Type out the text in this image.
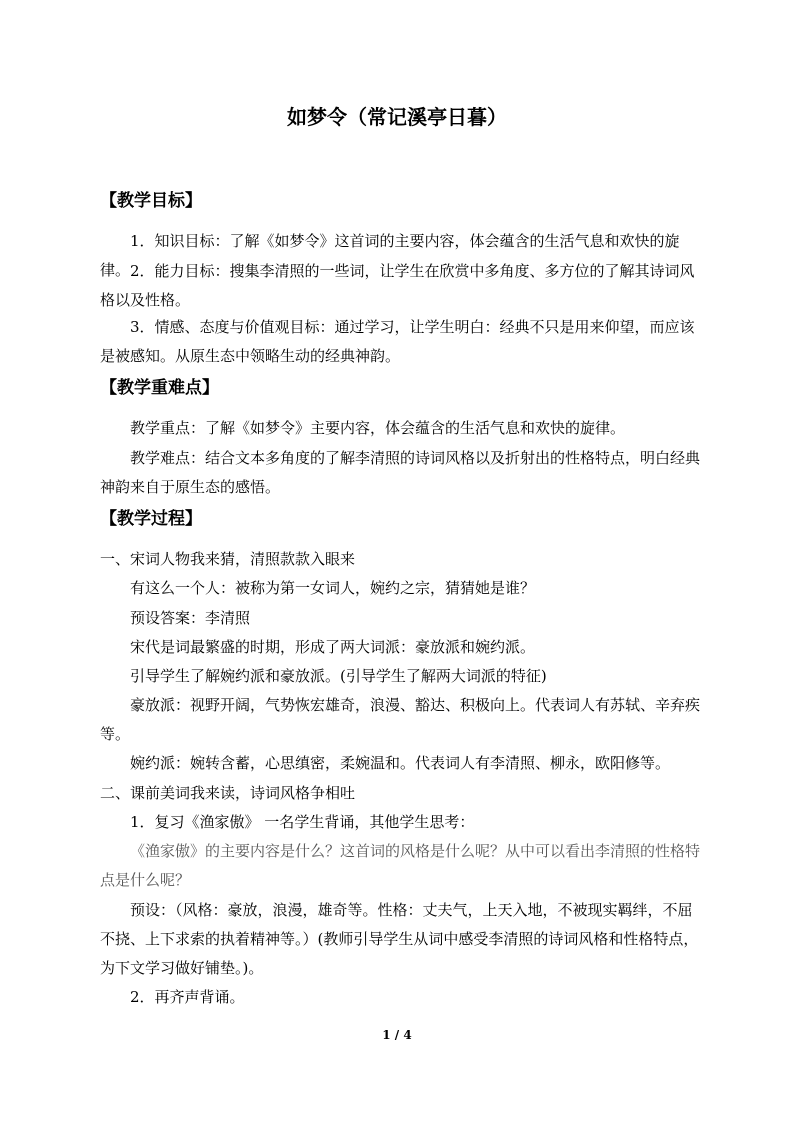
如梦令（常记溪亭日暮）
【教学目标】
1．知识目标：了解《如梦令》这首词的主要内容，体会蕴含的生活气息和欢快的旋律。 2．能力目标：搜集李清照的一些词，让学生在欣赏中多角度、多方位的了解其诗词风格以及性格。
3．情感、态度与价值观目标：通过学习，让学生明白：经典不只是用来仰望，而应该是被感知。从原生态中领略生动的经典神韵。
【教学重难点】
教学重点：了解《如梦令》主要内容，体会蕴含的生活气息和欢快的旋律。
教学难点：结合文本多角度的了解李清照的诗词风格以及折射出的性格特点，明白经典神韵来自于原生态的感悟。
【教学过程】
一、宋词人物我来猜，清照款款入眼来
有这么一个人：被称为第一女词人，婉约之宗，猜猜她是谁？
预设答案：李清照
宋代是词最繁盛的时期，形成了两大词派：豪放派和婉约派。
引导学生了解婉约派和豪放派。(引导学生了解两大词派的特征)
豪放派：视野开阔，气势恢宏雄奇，浪漫、豁达、积极向上。代表词人有苏轼、辛弃疾等。
婉约派：婉转含蓄，心思缜密，柔婉温和。代表词人有李清照、柳永，欧阳修等。
二、课前美词我来读，诗词风格争相吐
1．复习《渔家傲》 一名学生背诵，其他学生思考：
《渔家傲》的主要内容是什么？这首词的风格是什么呢？从中可以看出李清照的性格特点是什么呢？
预设：（风格：豪放，浪漫，雄奇等。性格：丈夫气，上天入地，不被现实羁绊，不屈不挠、上下求索的执着精神等。）(教师引导学生从词中感受李清照的诗词风格和性格特点，为下文学习做好铺垫。)。
2．再齐声背诵。
1 / 4
